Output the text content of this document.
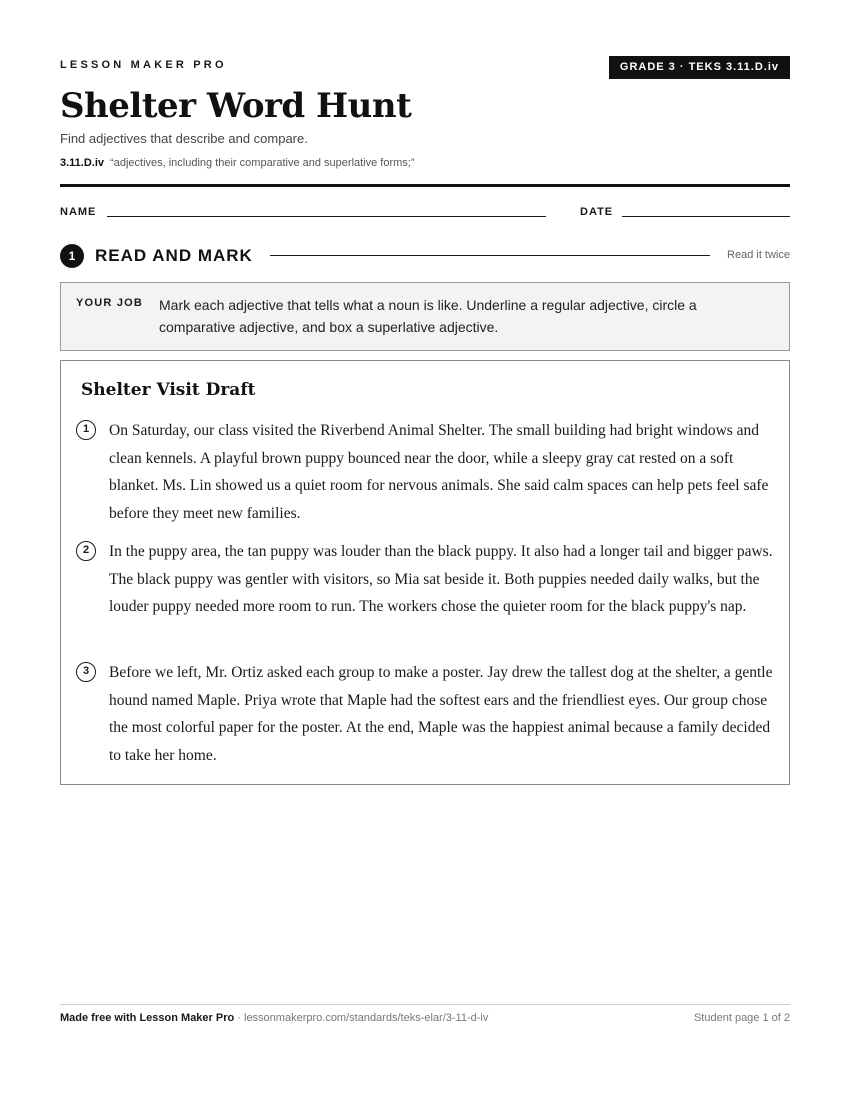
LESSON MAKER PRO	GRADE 3 · TEKS 3.11.D.iv
Shelter Word Hunt
Find adjectives that describe and compare.
3.11.D.iv “adjectives, including their comparative and superlative forms;”
NAME	DATE
1	READ AND MARK	Read it twice
YOUR JOB Mark each adjective that tells what a noun is like. Underline a regular adjective, circle a comparative adjective, and box a superlative adjective.
Shelter Visit Draft
1	On Saturday, our class visited the Riverbend Animal Shelter. The small building had bright windows and clean kennels. A playful brown puppy bounced near the door, while a sleepy gray cat rested on a soft blanket. Ms. Lin showed us a quiet room for nervous animals. She said calm spaces can help pets feel safe before they meet new families.
2	In the puppy area, the tan puppy was louder than the black puppy. It also had a longer tail and bigger paws. The black puppy was gentler with visitors, so Mia sat beside it. Both puppies needed daily walks, but the louder puppy needed more room to run. The workers chose the quieter room for the black puppy's nap.
3	Before we left, Mr. Ortiz asked each group to make a poster. Jay drew the tallest dog at the shelter, a gentle hound named Maple. Priya wrote that Maple had the softest ears and the friendliest eyes. Our group chose the most colorful paper for the poster. At the end, Maple was the happiest animal because a family decided to take her home.
Made free with Lesson Maker Pro · lessonmakerpro.com/standards/teks-elar/3-11-d-iv	Student page 1 of 2
